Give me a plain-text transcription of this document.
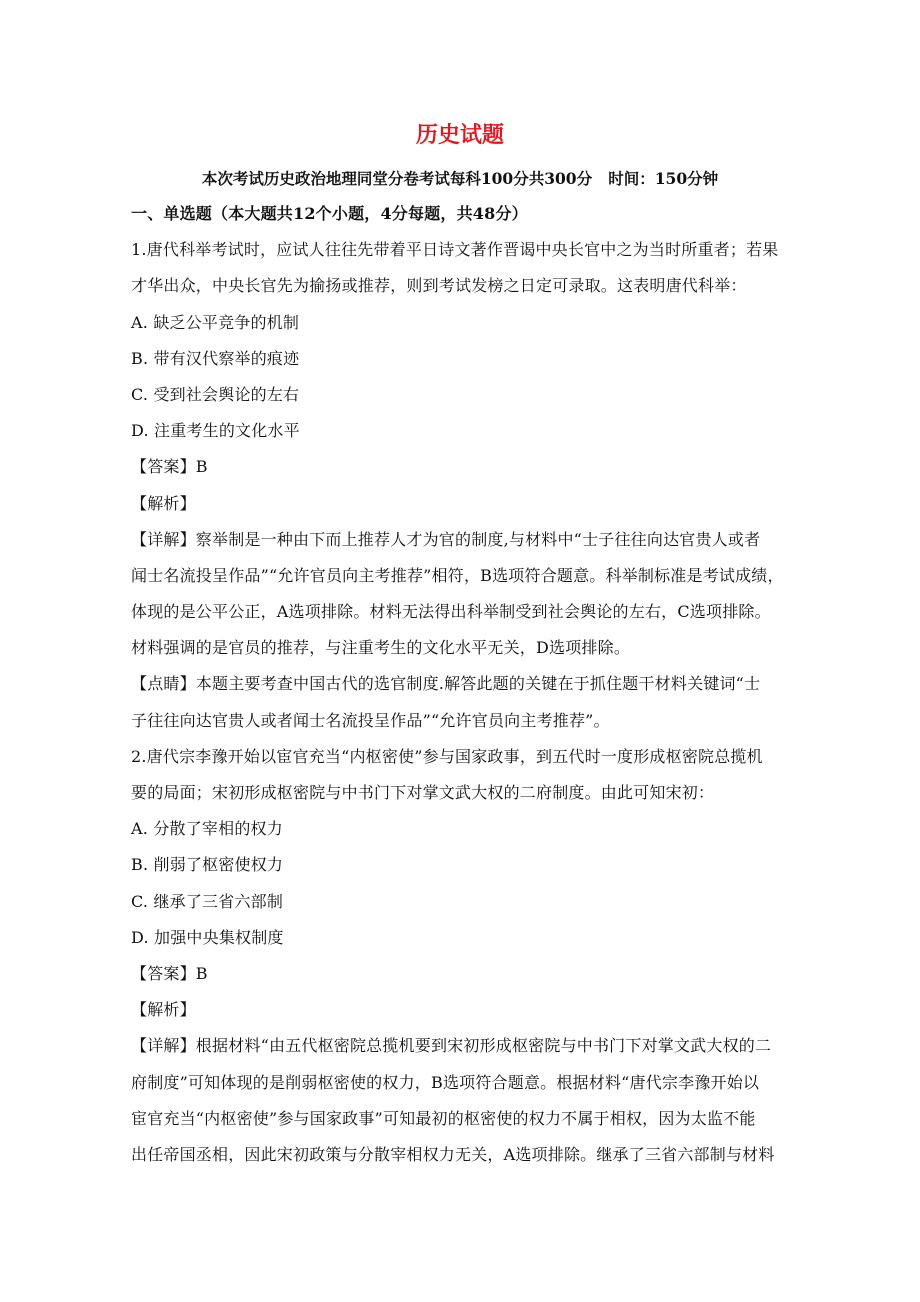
历史试题
本次考试历史政治地理同堂分卷考试每科100分共300分   时间：150分钟
一、单选题（本大题共12个小题，4分每题，共48分）
1.唐代科举考试时，应试人往往先带着平日诗文著作晋谒中央长官中之为当时所重者；若果
才华出众，中央长官先为揄扬或推荐，则到考试发榜之日定可录取。这表明唐代科举：
A. 缺乏公平竞争的机制
B. 带有汉代察举的痕迹
C. 受到社会舆论的左右
D. 注重考生的文化水平
【答案】B
【解析】
【详解】察举制是一种由下而上推荐人才为官的制度,与材料中“士子往往向达官贵人或者
闻士名流投呈作品”“允许官员向主考推荐”相符，B选项符合题意。科举制标准是考试成绩，
体现的是公平公正，A选项排除。材料无法得出科举制受到社会舆论的左右，C选项排除。
材料强调的是官员的推荐，与注重考生的文化水平无关，D选项排除。
【点睛】本题主要考查中国古代的选官制度.解答此题的关键在于抓住题干材料关键词“士
子往往向达官贵人或者闻士名流投呈作品”“允许官员向主考推荐”。
2.唐代宗李豫开始以宦官充当“内枢密使”参与国家政事，到五代时一度形成枢密院总揽机
要的局面；宋初形成枢密院与中书门下对掌文武大权的二府制度。由此可知宋初：
A. 分散了宰相的权力
B. 削弱了枢密使权力
C. 继承了三省六部制
D. 加强中央集权制度
【答案】B
【解析】
【详解】根据材料“由五代枢密院总揽机要到宋初形成枢密院与中书门下对掌文武大权的二
府制度”可知体现的是削弱枢密使的权力，B选项符合题意。根据材料“唐代宗李豫开始以
宦官充当“内枢密使”参与国家政事”可知最初的枢密使的权力不属于相权，因为太监不能
出任帝国丞相，因此宋初政策与分散宰相权力无关，A选项排除。继承了三省六部制与材料
